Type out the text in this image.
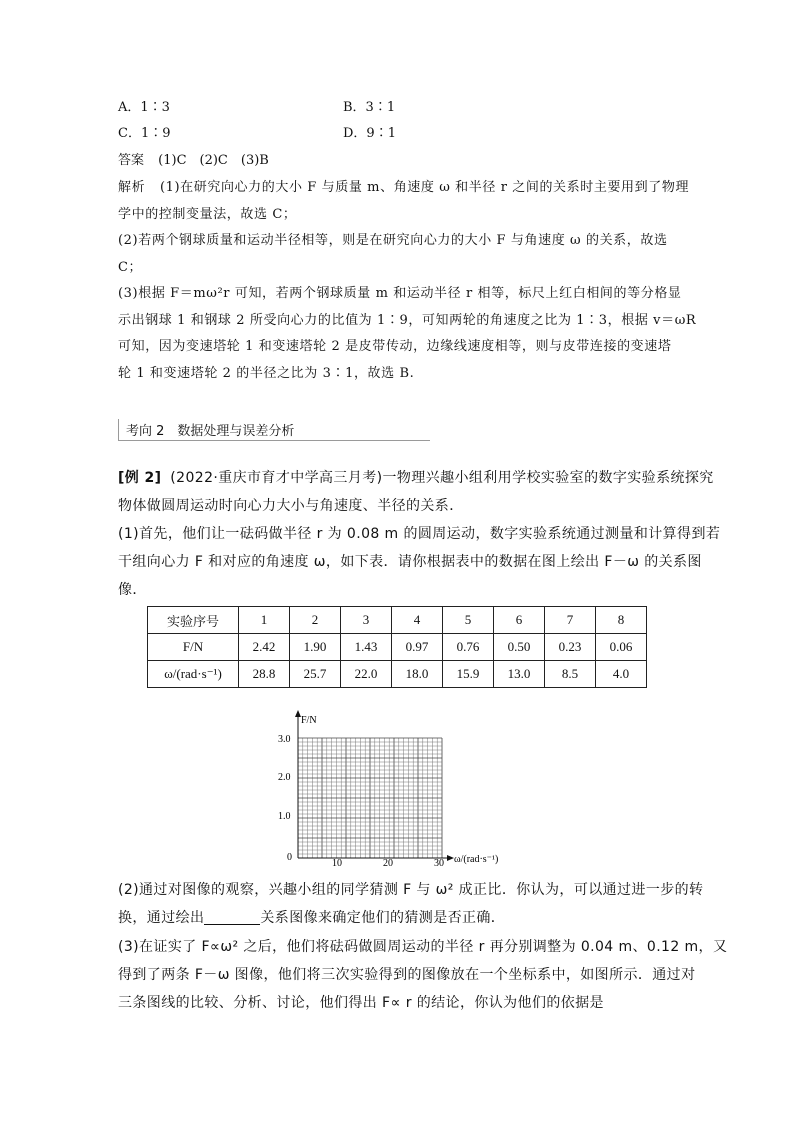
A．1∶3	B．3∶1
C．1∶9	D．9∶1
答案 (1)C　(2)C　(3)B
解析 (1)在研究向心力的大小 F 与质量 m、角速度 ω 和半径 r 之间的关系时主要用到了物理
学中的控制变量法，故选 C；
(2)若两个钢球质量和运动半径相等，则是在研究向心力的大小 F 与角速度 ω 的关系，故选
C；
(3)根据 F＝mω²r 可知，若两个钢球质量 m 和运动半径 r 相等，标尺上红白相间的等分格显
示出钢球 1 和钢球 2 所受向心力的比值为 1∶9，可知两轮的角速度之比为 1∶3，根据 v＝ωR
可知，因为变速塔轮 1 和变速塔轮 2 是皮带传动，边缘线速度相等，则与皮带连接的变速塔
轮 1 和变速塔轮 2 的半径之比为 3∶1，故选 B.
考向 2　数据处理与误差分析
[例 2] (2022·重庆市育才中学高三月考)一物理兴趣小组利用学校实验室的数字实验系统探究
物体做圆周运动时向心力大小与角速度、半径的关系．
(1)首先，他们让一砝码做半径 r 为 0.08 m 的圆周运动，数字实验系统通过测量和计算得到若
干组向心力 F 和对应的角速度 ω，如下表．请你根据表中的数据在图上绘出 F－ω 的关系图
像．
实验序号	1	2	3	4	5	6	7	8
F/N	2.42	1.90	1.43	0.97	0.76	0.50	0.23	0.06
ω/(rad·s⁻¹)	28.8	25.7	22.0	18.0	15.9	13.0	8.5	4.0
F/N
ω/(rad·s⁻¹)
0
3.0
2.0
1.0
10	20	30
(2)通过对图像的观察，兴趣小组的同学猜测 F 与 ω² 成正比．你认为，可以通过进一步的转
换，通过绘出	关系图像来确定他们的猜测是否正确．
(3)在证实了 F∝ω² 之后，他们将砝码做圆周运动的半径 r 再分别调整为 0.04 m、0.12 m，又
得到了两条 F－ω 图像，他们将三次实验得到的图像放在一个坐标系中，如图所示．通过对
三条图线的比较、分析、讨论，他们得出 F∝ r 的结论，你认为他们的依据是
